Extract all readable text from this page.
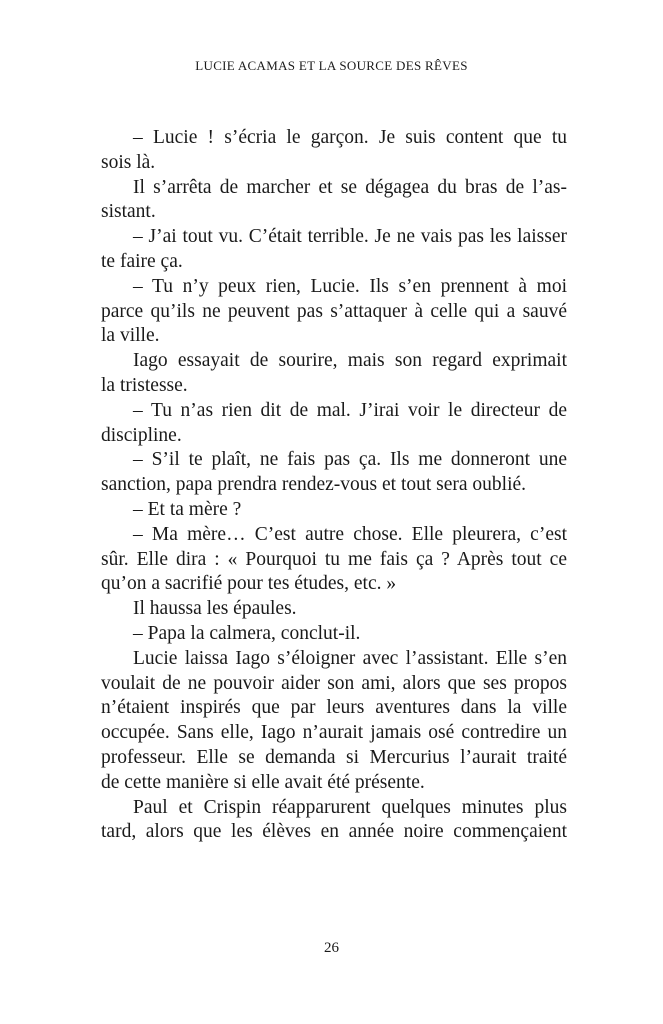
LUCIE ACAMAS ET LA SOURCE DES RÊVES
– Lucie ! s’écria le garçon. Je suis content que tu
sois là.
Il s’arrêta de marcher et se dégagea du bras de l’as-
sistant.
– J’ai tout vu. C’était terrible. Je ne vais pas les laisser
te faire ça.
– Tu n’y peux rien, Lucie. Ils s’en prennent à moi
parce qu’ils ne peuvent pas s’attaquer à celle qui a sauvé
la ville.
Iago essayait de sourire, mais son regard exprimait
la tristesse.
– Tu n’as rien dit de mal. J’irai voir le directeur de
discipline.
– S’il te plaît, ne fais pas ça. Ils me donneront une
sanction, papa prendra rendez-vous et tout sera oublié.
– Et ta mère ?
– Ma mère… C’est autre chose. Elle pleurera, c’est
sûr. Elle dira : « Pourquoi tu me fais ça ? Après tout ce
qu’on a sacrifié pour tes études, etc. »
Il haussa les épaules.
– Papa la calmera, conclut-il.
Lucie laissa Iago s’éloigner avec l’assistant. Elle s’en
voulait de ne pouvoir aider son ami, alors que ses propos
n’étaient inspirés que par leurs aventures dans la ville
occupée. Sans elle, Iago n’aurait jamais osé contredire un
professeur. Elle se demanda si Mercurius l’aurait traité
de cette manière si elle avait été présente.
Paul et Crispin réapparurent quelques minutes plus
tard, alors que les élèves en année noire commençaient
26
